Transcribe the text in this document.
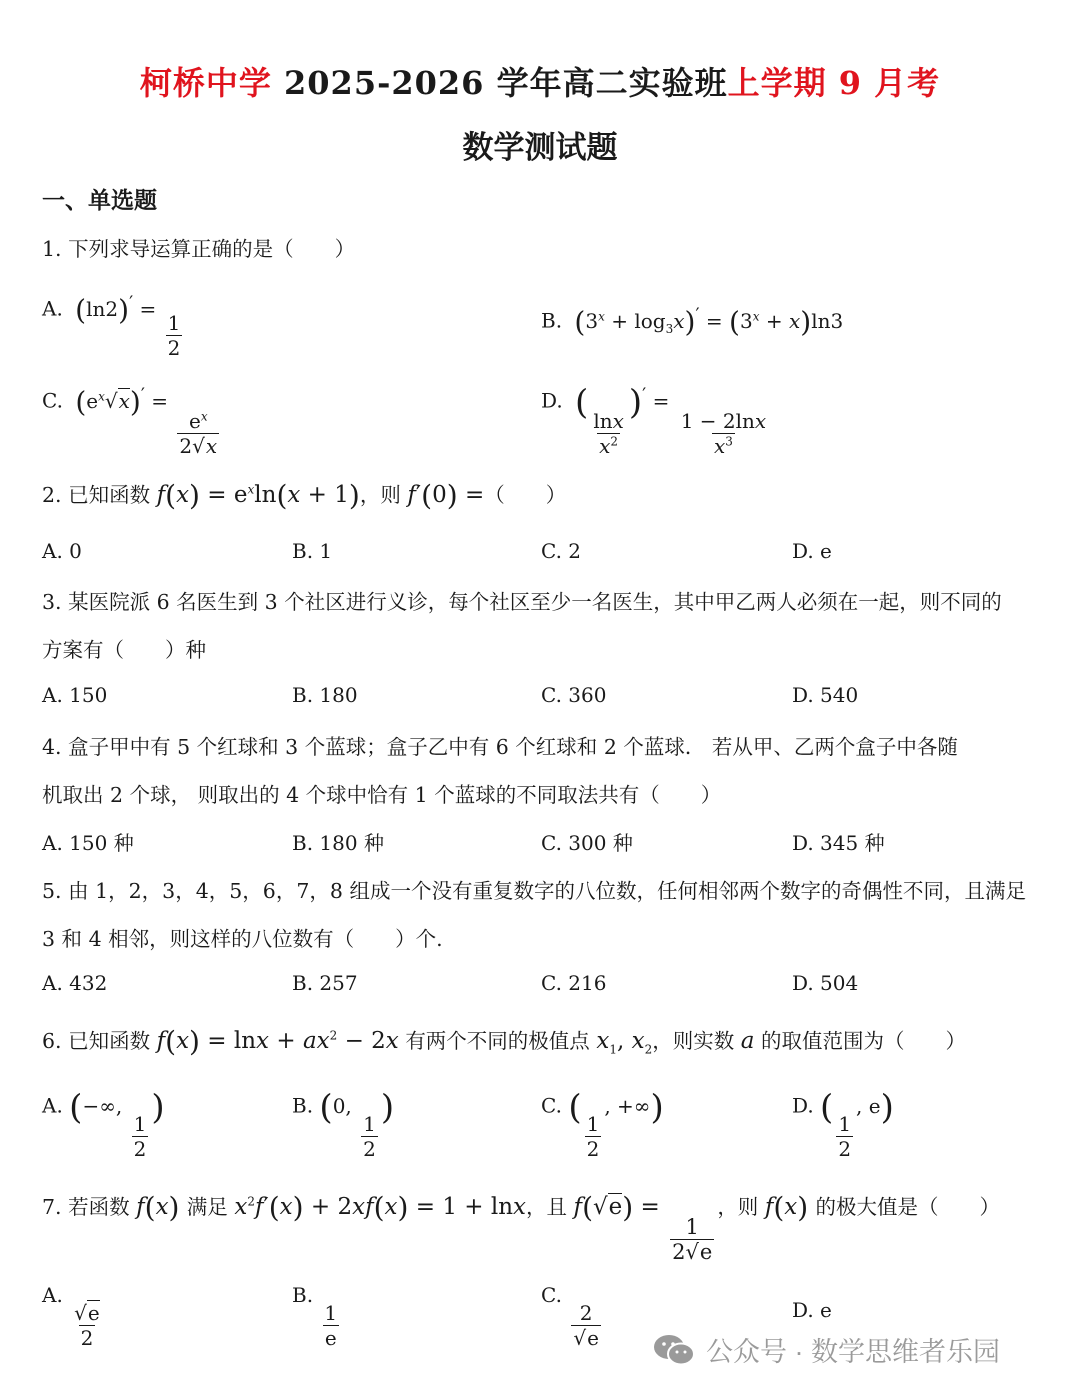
柯桥中学 2025-2026 学年高二实验班上学期 9 月考
数学测试题
一、单选题
1. 下列求导运算正确的是（　　）
A. (ln2)′ =
$\frac{1}{2}$	B. $(3^x + \log_3x)' = (3^x + x)\ln 3$
C. $(e^x√x)'$ =
$\frac{e^x}{2√x}$
D. (
$\frac{\ln x}{x^2}$
)′ =
$\frac{1 - 2\ln x}{x^3}$
2. 已知函数 $f(x) = e^x\ln(x + 1)$，则 f′(0) =（　　）
A. 0	B. 1	C. 2	D. e
3. 某医院派 6 名医生到 3 个社区进行义诊，每个社区至少一名医生，其中甲乙两人必须在一起，则不同的
方案有（　　）种
A. 150	B. 180	C. 360	D. 540
4. 盒子甲中有 5 个红球和 3 个蓝球；盒子乙中有 6 个红球和 2 个蓝球． 若从甲、乙两个盒子中各随
机取出 2 个球， 则取出的 4 个球中恰有 1 个蓝球的不同取法共有（　　）
A. 150 种	B. 180 种	C. 300 种	D. 345 种
5. 由 1，2，3，4，5，6，7，8 组成一个没有重复数字的八位数，任何相邻两个数字的奇偶性不同，且满足
3 和 4 相邻，则这样的八位数有（　　）个.
A. 432	B. 257	C. 216	D. 504
6. 已知函数 $f(x) = \ln x + ax^2 - 2x$ 有两个不同的极值点 $x_1$, $x_2$，则实数 a 的取值范围为（　　）
A. (−∞,
$\frac{1}{2}$
)	B. (0,
$\frac{1}{2}$
)	C. (
$\frac{1}{2}$
, +∞)	D. (
$\frac{1}{2}$
, e)
7. 若函数 f(x) 满足 $x^2f'(x) + 2xf(x) = 1 + \ln x$，且 f(√e) =
$\frac{1}{2√e}$
，则 f(x) 的极大值是（　　）
A.
$\frac{√e}{2}$
B.
$\frac{1}{e}$
C.
$\frac{2}{√e}$	D. e
公众号 · 数学思维者乐园
